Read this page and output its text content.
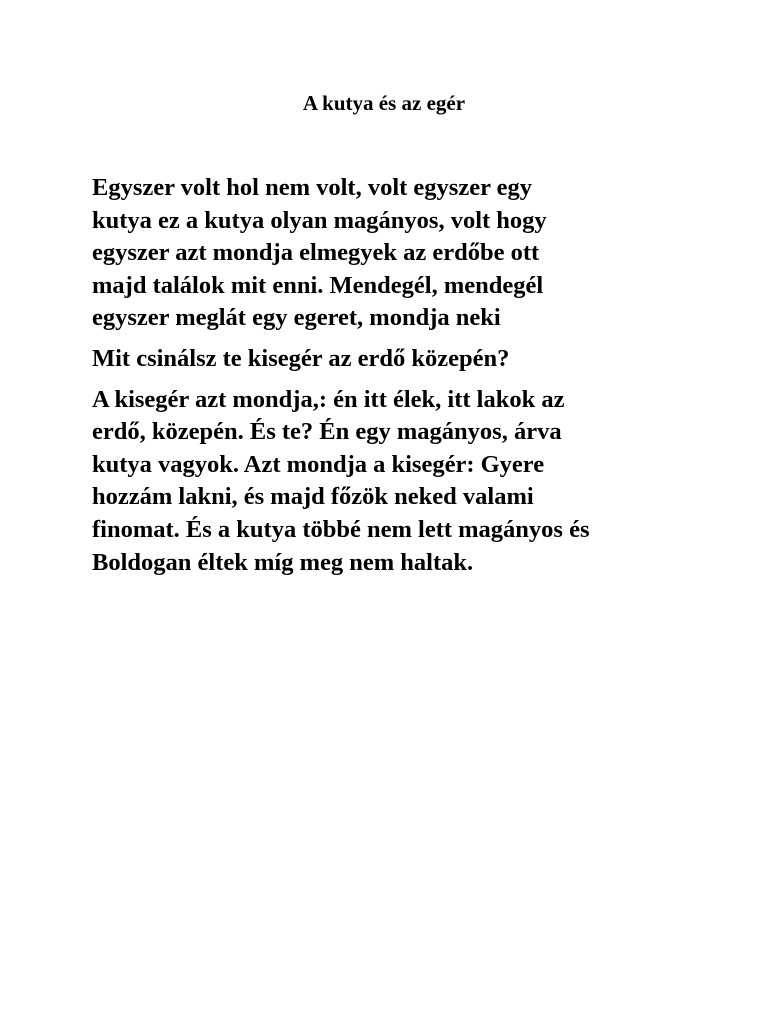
A kutya és az egér

Egyszer volt hol nem volt, volt egyszer egy
kutya ez a kutya olyan magányos, volt hogy
egyszer azt mondja elmegyek az erdőbe ott
majd találok mit enni. Mendegél, mendegél
egyszer meglát egy egeret, mondja neki

Mit csinálsz te kisegér az erdő közepén?

A kisegér azt mondja,: én itt élek, itt lakok az
erdő, közepén. És te? Én egy magányos, árva
kutya vagyok. Azt mondja a kisegér: Gyere
hozzám lakni, és majd főzök neked valami
finomat. És a kutya többé nem lett magányos és
Boldogan éltek míg meg nem haltak.
